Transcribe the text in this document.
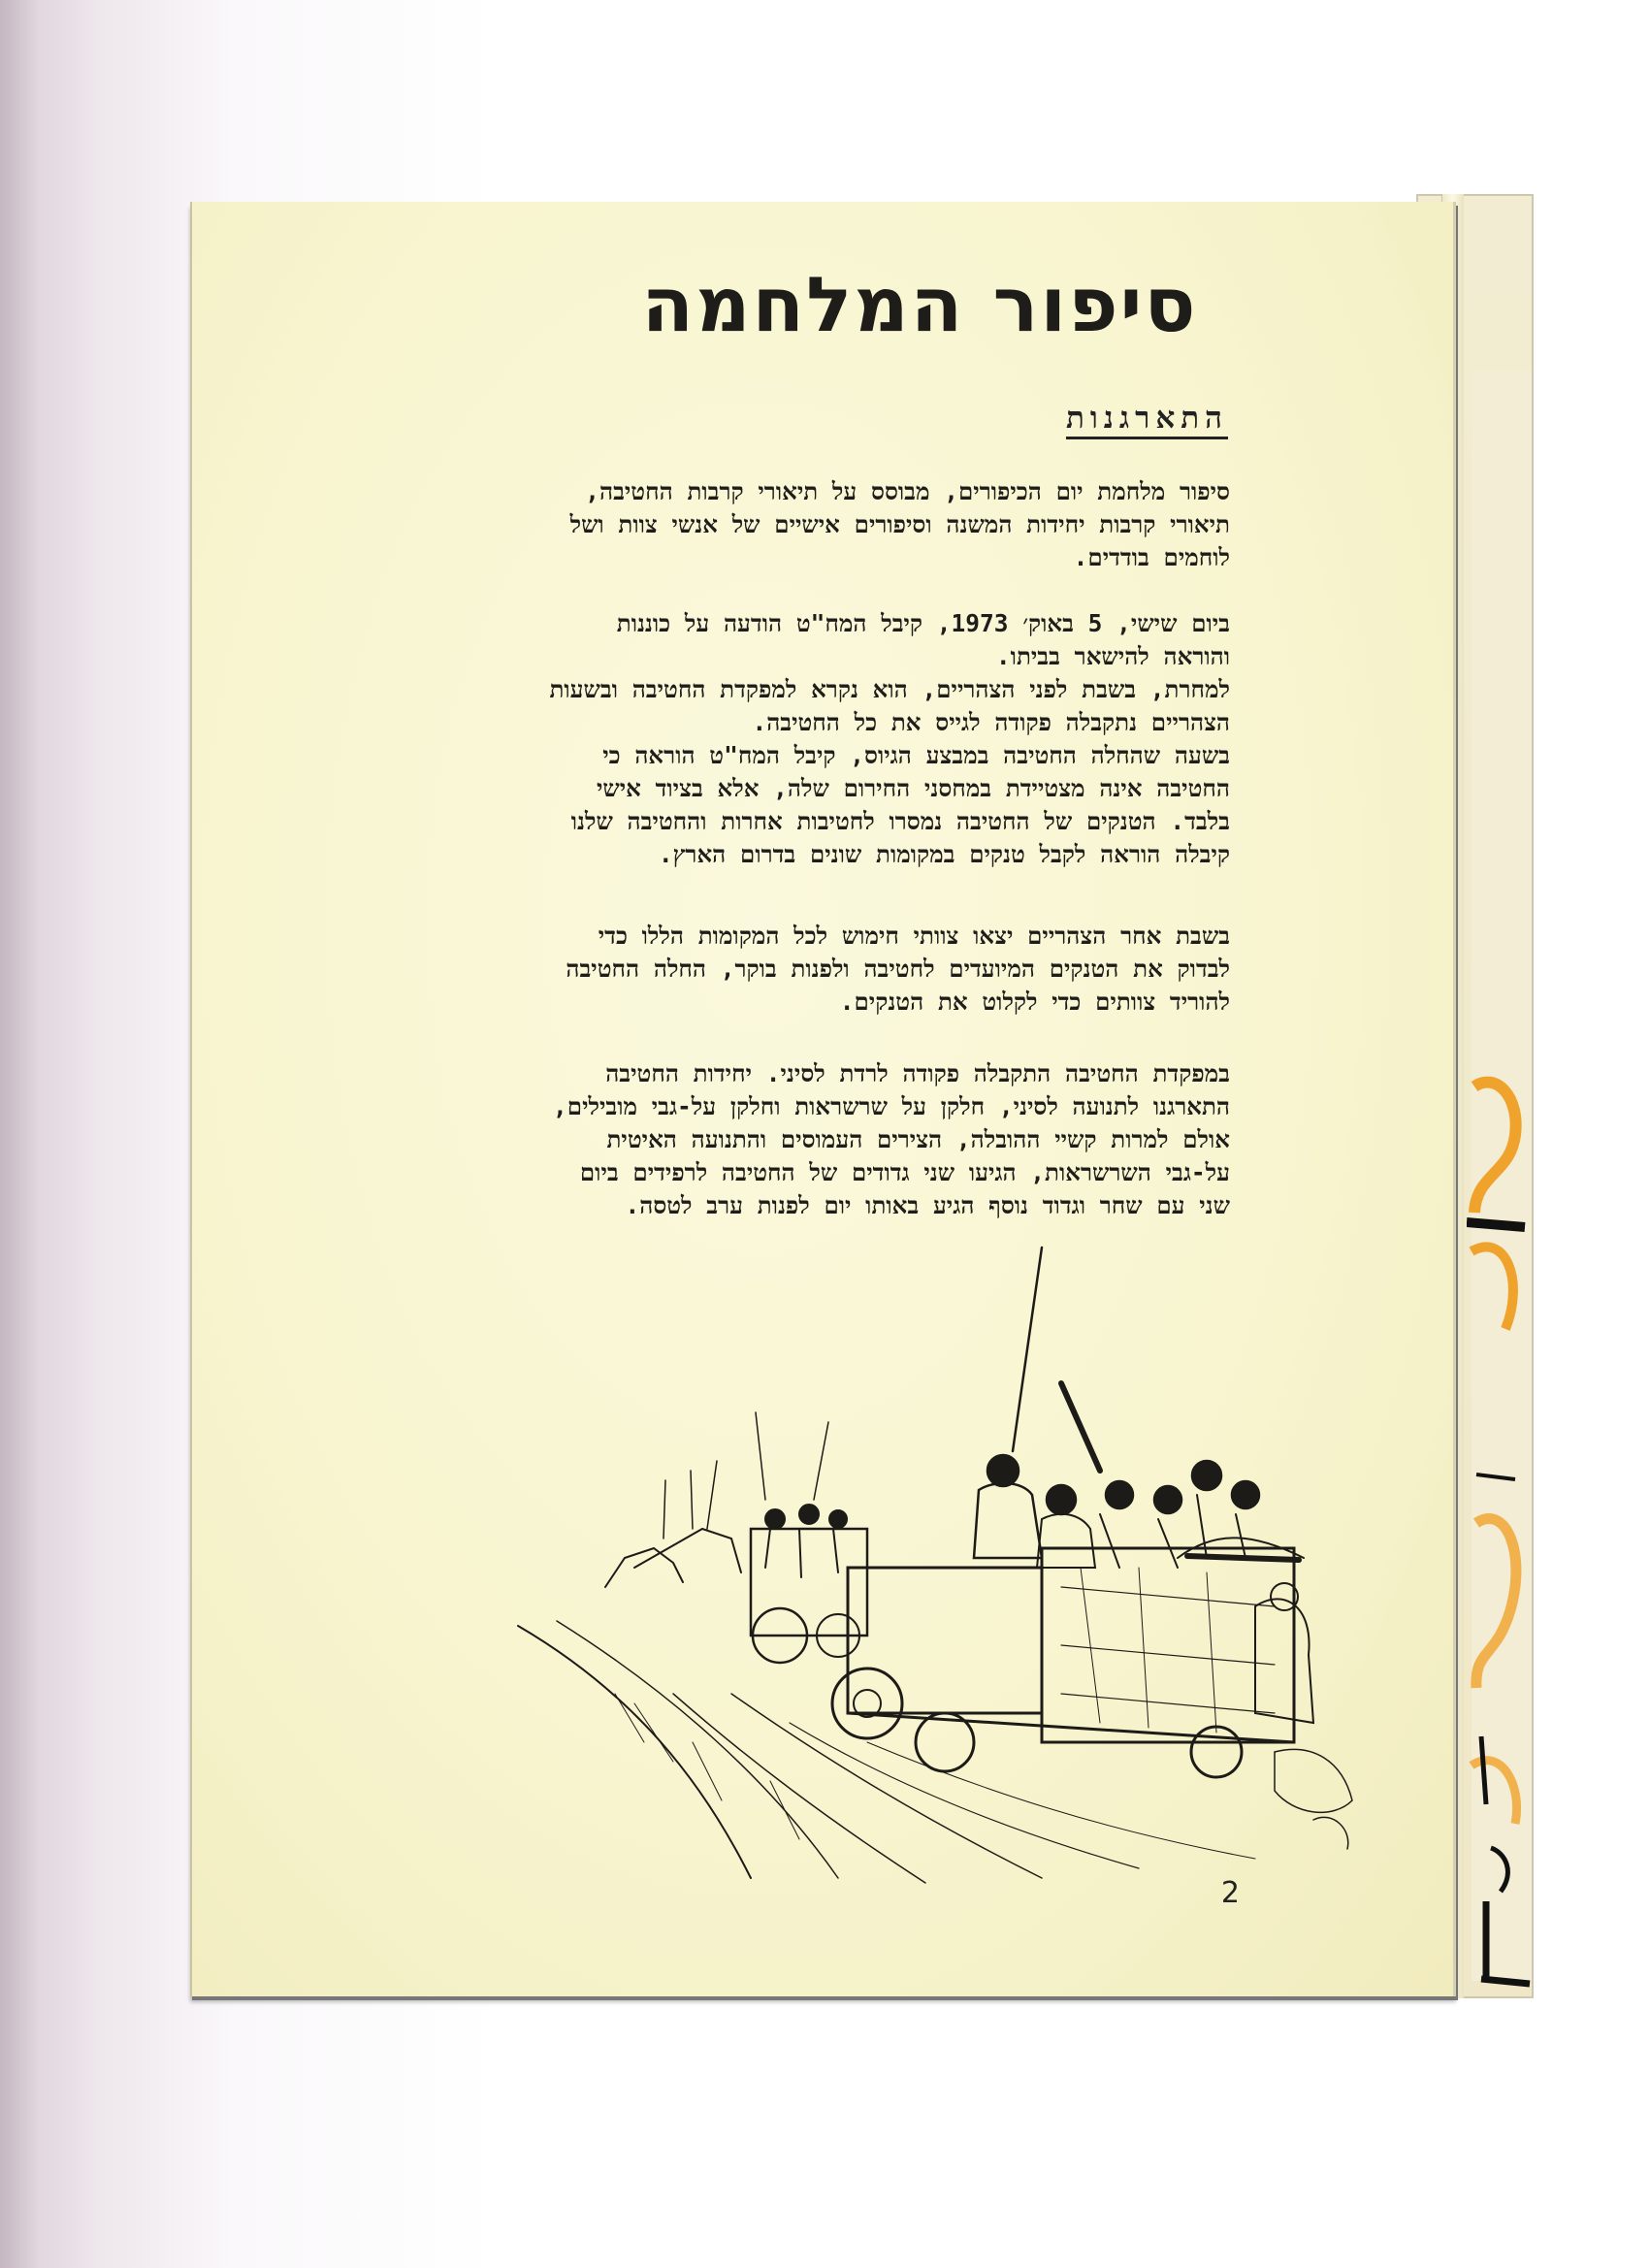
סיפור המלחמה
התארגנות

סיפור מלחמת יום הכיפורים, מבוסס על תיאורי קרבות החטיבה,
תיאורי קרבות יחידות המשנה וסיפורים אישיים של אנשי צוות ושל
לוחמים בודדים.

ביום שישי, 5 באוק׳ 1973, קיבל המח"ט הודעה על כוננות
והוראה להישאר בביתו.
למחרת, בשבת לפני הצהריים, הוא נקרא למפקדת החטיבה ובשעות
הצהריים נתקבלה פקודה לגייס את כל החטיבה.
בשעה שהחלה החטיבה במבצע הגיוס, קיבל המח"ט הוראה כי
החטיבה אינה מצטיידת במחסני החירום שלה, אלא בציוד אישי
בלבד. הטנקים של החטיבה נמסרו לחטיבות אחרות והחטיבה שלנו
קיבלה הוראה לקבל טנקים במקומות שונים בדרום הארץ.

בשבת אחר הצהריים יצאו צוותי חימוש לכל המקומות הללו כדי
לבדוק את הטנקים המיועדים לחטיבה ולפנות בוקר, החלה החטיבה
להוריד צוותים כדי לקלוט את הטנקים.

במפקדת החטיבה התקבלה פקודה לרדת לסיני. יחידות החטיבה
התארגנו לתנועה לסיני, חלקן על שרשראות וחלקן על-גבי מובילים,
אולם למרות קשיי ההובלה, הצירים העמוסים והתנועה האיטית
על-גבי השרשראות, הגיעו שני גדודים של החטיבה לרפידים ביום
שני עם שחר וגדוד נוסף הגיע באותו יום לפנות ערב לטסה.

2
